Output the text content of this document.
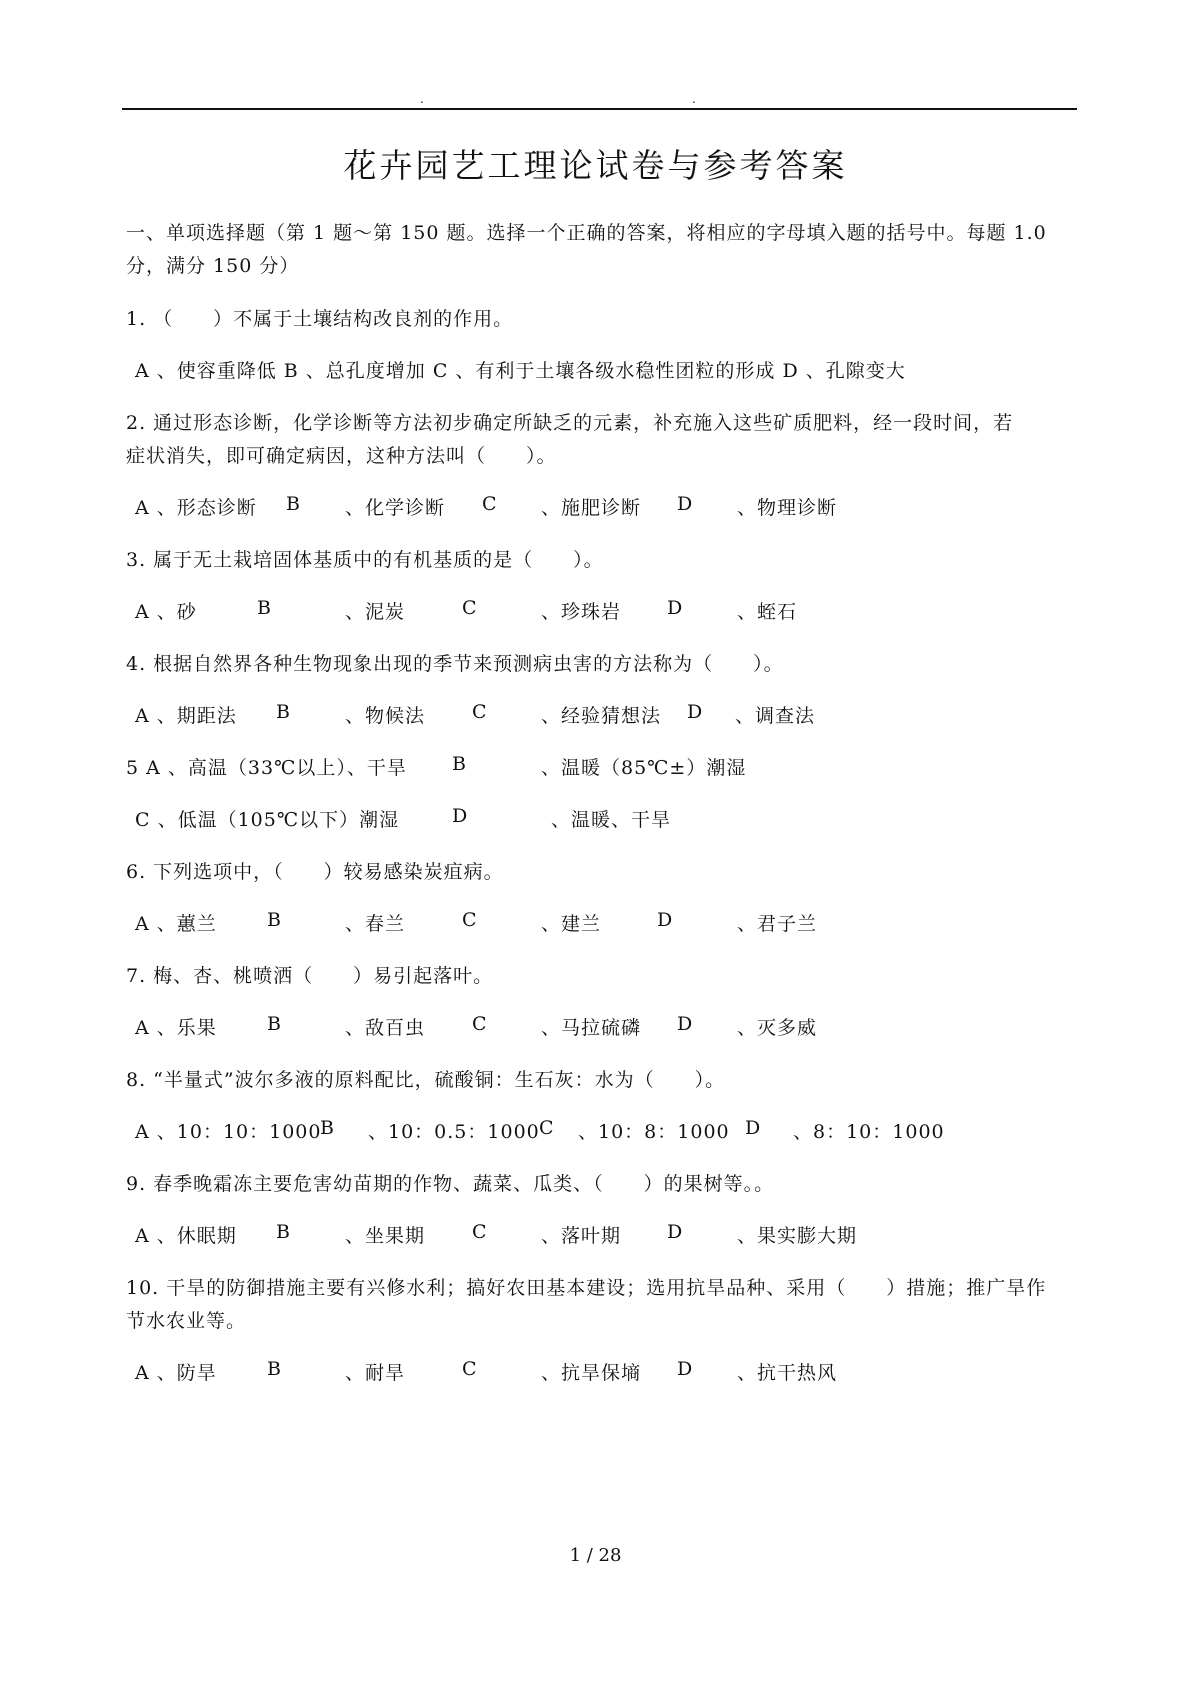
.	.
花卉园艺工理论试卷与参考答案
一、单项选择题（第 1 题～第 150 题。选择一个正确的答案，将相应的字母填入题的括号中。每题 1.0
分，满分 150 分）
1. （　　）不属于土壤结构改良剂的作用。
A 、使容重降低 B 、总孔度增加 C 、有利于土壤各级水稳性团粒的形成 D 、孔隙变大
2. 通过形态诊断，化学诊断等方法初步确定所缺乏的元素，补充施入这些矿质肥料，经一段时间，若
症状消失，即可确定病因，这种方法叫（　　）。
A 、形态诊断 B 、化学诊断 C 、施肥诊断 D 、物理诊断
3. 属于无土栽培固体基质中的有机基质的是（　　）。
A 、砂	B	、泥炭	C	、珍珠岩 D	、蛭石
4. 根据自然界各种生物现象出现的季节来预测病虫害的方法称为（　　）。
A 、期距法 B	、物候法 C	、经验猜想法 D 、调查法
5 A 、高温（33℃以上）、干旱 B	、温暖（85℃±）潮湿
C 、低温（105℃以下）潮湿	D	、温暖、干旱
6. 下列选项中，（　　）较易感染炭疽病。
A 、蕙兰	B	、春兰	C	、建兰	D	、君子兰
7. 梅、杏、桃喷洒（　　）易引起落叶。
A 、乐果	B	、敌百虫 C	、马拉硫磷 D 、灭多威
8. “半量式”波尔多液的原料配比，硫酸铜：生石灰：水为（　　）。
A 、10：10：1000
B 、10：0.5：1000 C 、10：8：1000 D 、8：10：1000
9. 春季晚霜冻主要危害幼苗期的作物、蔬菜、瓜类、（　　）的果树等。。
A 、休眠期 B	、坐果期 C	、落叶期 D	、果实膨大期
10. 干旱的防御措施主要有兴修水利；搞好农田基本建设；选用抗旱品种、采用（　　）措施；推广旱作
节水农业等。
A 、防旱	B	、耐旱	C	、抗旱保墒 D 、抗干热风
1 / 28
